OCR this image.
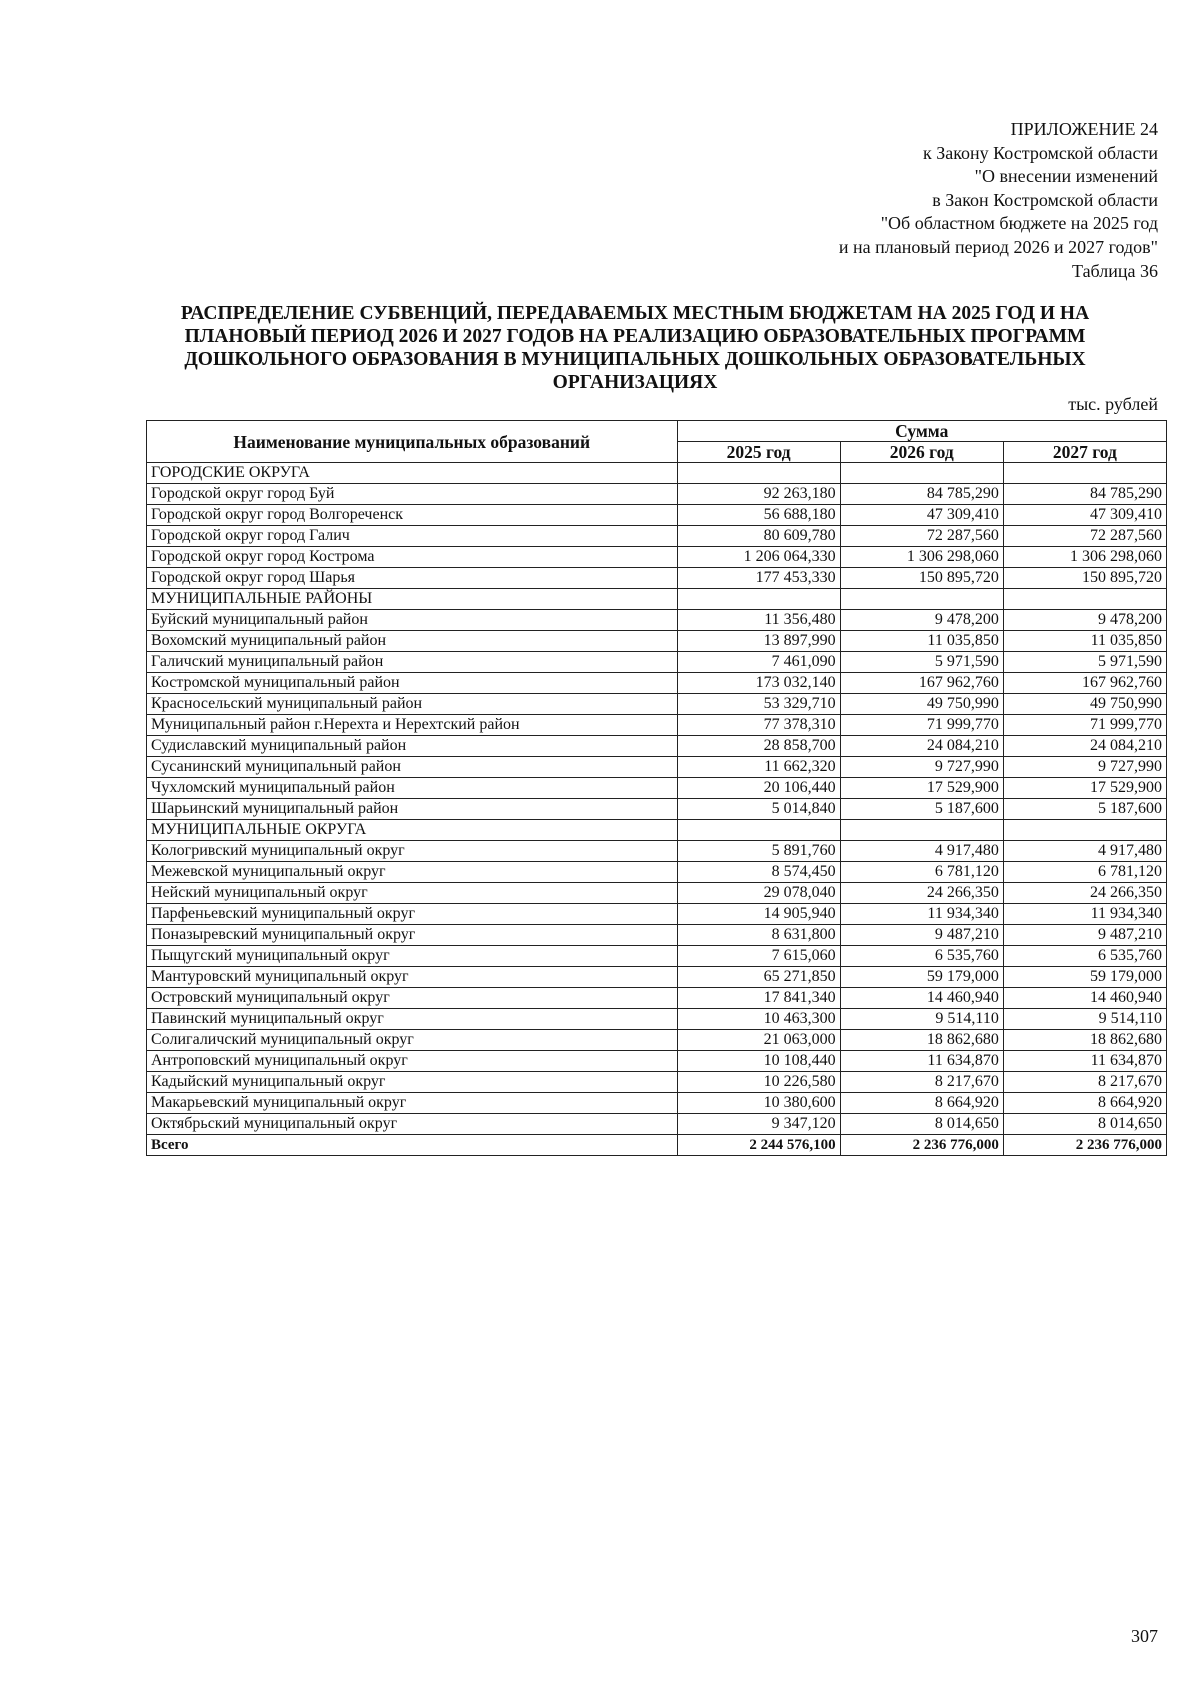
ПРИЛОЖЕНИЕ 24
к Закону Костромской области
"О внесении изменений
в Закон Костромской области
"Об областном бюджете на 2025 год
и на плановый период 2026 и 2027 годов"
Таблица 36
РАСПРЕДЕЛЕНИЕ СУБВЕНЦИЙ, ПЕРЕДАВАЕМЫХ МЕСТНЫМ БЮДЖЕТАМ НА 2025 ГОД И НА
ПЛАНОВЫЙ ПЕРИОД 2026 И 2027 ГОДОВ НА РЕАЛИЗАЦИЮ ОБРАЗОВАТЕЛЬНЫХ ПРОГРАММ
ДОШКОЛЬНОГО ОБРАЗОВАНИЯ В МУНИЦИПАЛЬНЫХ ДОШКОЛЬНЫХ ОБРАЗОВАТЕЛЬНЫХ
ОРГАНИЗАЦИЯХ
тыс. рублей
Наименование муниципальных образований	Сумма		
	2025 год	2026 год	2027 год
ГОРОДСКИЕ ОКРУГА			
Городской округ город Буй	92 263,180	84 785,290	84 785,290
Городской округ город Волгореченск	56 688,180	47 309,410	47 309,410
Городской округ город Галич	80 609,780	72 287,560	72 287,560
Городской округ город Кострома	1 206 064,330	1 306 298,060	1 306 298,060
Городской округ город Шарья	177 453,330	150 895,720	150 895,720
МУНИЦИПАЛЬНЫЕ РАЙОНЫ			
Буйский муниципальный район	11 356,480	9 478,200	9 478,200
Вохомский муниципальный район	13 897,990	11 035,850	11 035,850
Галичский муниципальный район	7 461,090	5 971,590	5 971,590
Костромской муниципальный район	173 032,140	167 962,760	167 962,760
Красносельский муниципальный район	53 329,710	49 750,990	49 750,990
Муниципальный район г.Нерехта и Нерехтский район	77 378,310	71 999,770	71 999,770
Судиславский муниципальный район	28 858,700	24 084,210	24 084,210
Сусанинский муниципальный район	11 662,320	9 727,990	9 727,990
Чухломский муниципальный район	20 106,440	17 529,900	17 529,900
Шарьинский муниципальный район	5 014,840	5 187,600	5 187,600
МУНИЦИПАЛЬНЫЕ ОКРУГА			
Кологривский муниципальный округ	5 891,760	4 917,480	4 917,480
Межевской муниципальный округ	8 574,450	6 781,120	6 781,120
Нейский муниципальный округ	29 078,040	24 266,350	24 266,350
Парфеньевский муниципальный округ	14 905,940	11 934,340	11 934,340
Поназыревский муниципальный округ	8 631,800	9 487,210	9 487,210
Пыщугский муниципальный округ	7 615,060	6 535,760	6 535,760
Мантуровский муниципальный округ	65 271,850	59 179,000	59 179,000
Островский муниципальный округ	17 841,340	14 460,940	14 460,940
Павинский муниципальный округ	10 463,300	9 514,110	9 514,110
Солигаличский муниципальный округ	21 063,000	18 862,680	18 862,680
Антроповский муниципальный округ	10 108,440	11 634,870	11 634,870
Кадыйский муниципальный округ	10 226,580	8 217,670	8 217,670
Макарьевский муниципальный округ	10 380,600	8 664,920	8 664,920
Октябрьский муниципальный округ	9 347,120	8 014,650	8 014,650
Всего	2 244 576,100	2 236 776,000	2 236 776,000
307
